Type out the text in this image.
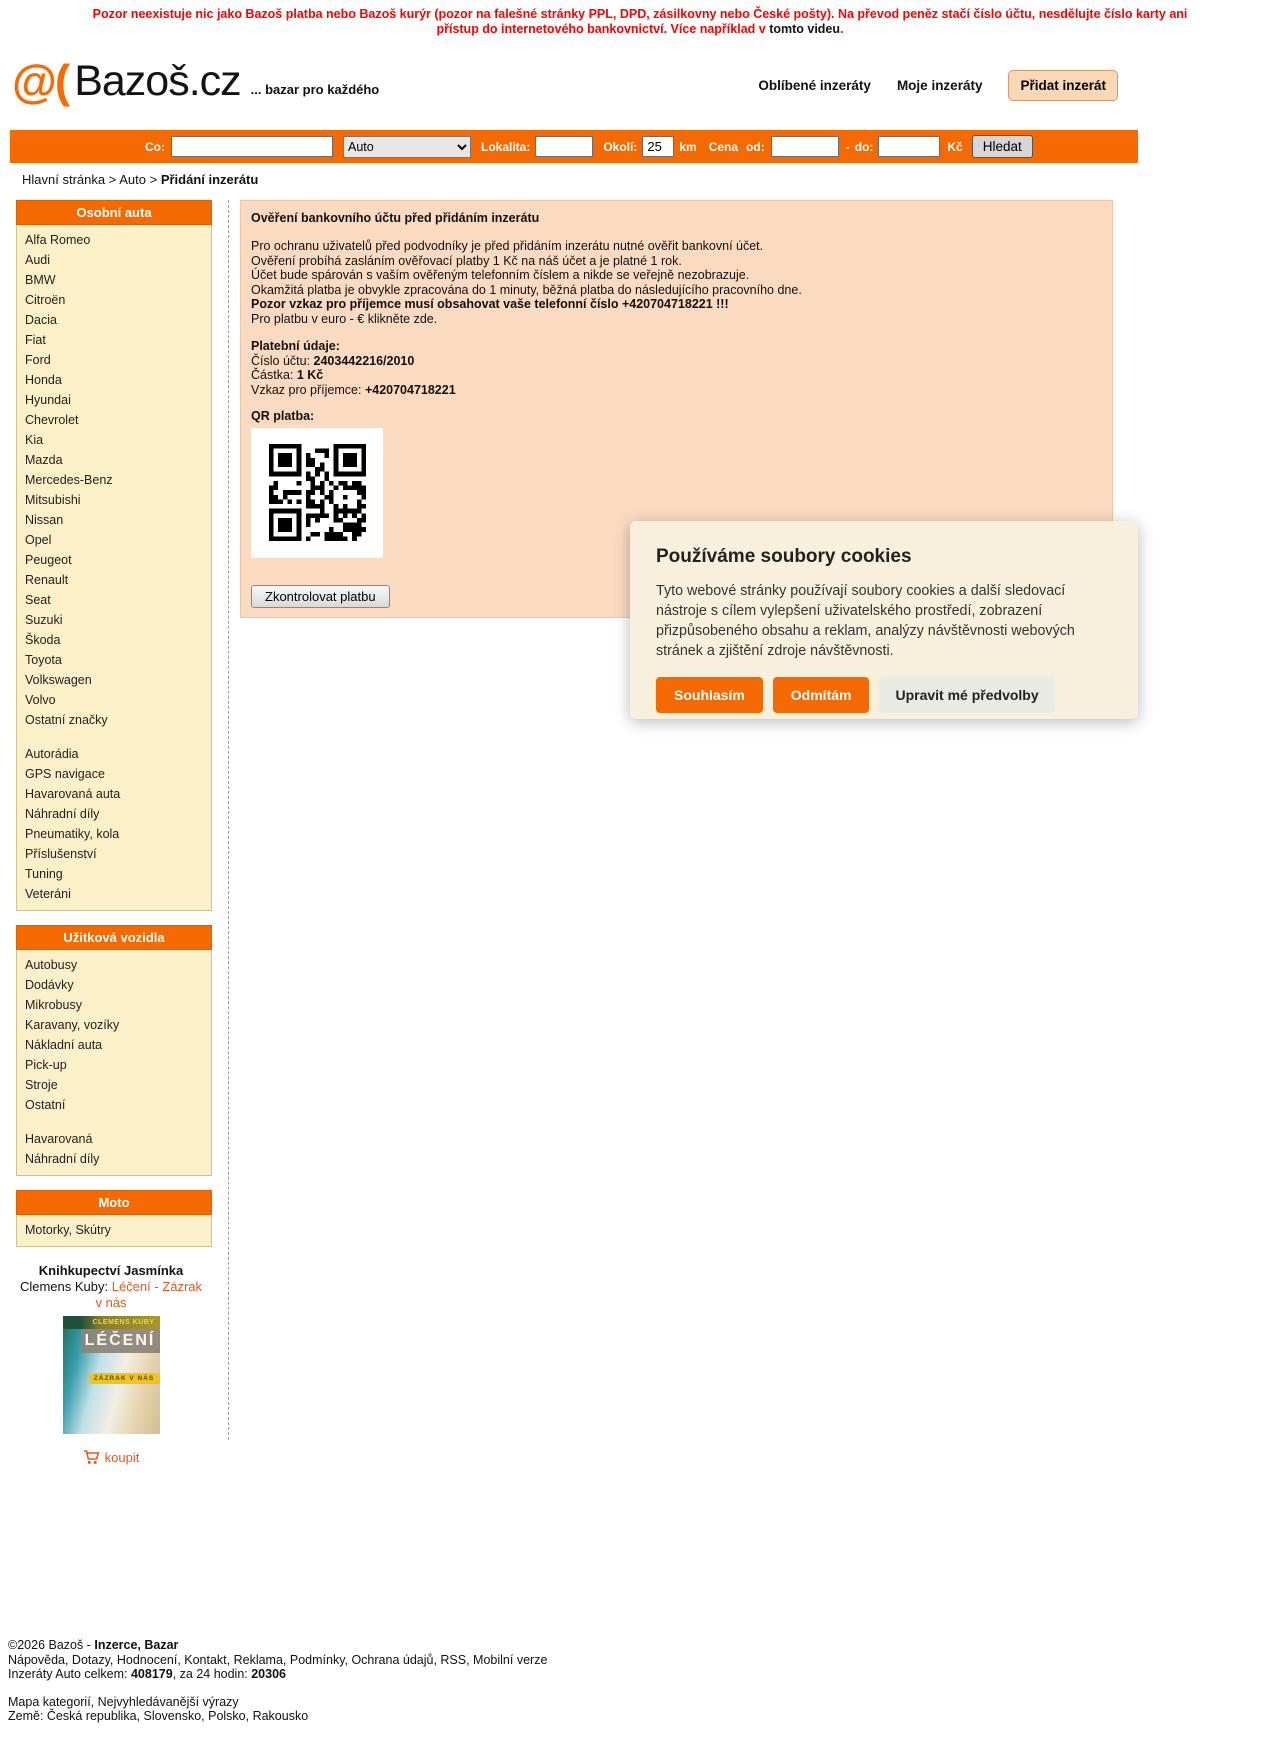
Pozor neexistuje nic jako Bazoš platba nebo Bazoš kurýr (pozor na falešné stránky PPL, DPD, zásilkovny nebo České pošty). Na převod peněz stačí číslo účtu, nesdělujte číslo karty ani přístup do internetového bankovnictví. Více například v tomto videu.
@( Bazoš.cz ... bazar pro každého	Oblíbené inzeráty Moje inzeráty	Přidat inzerát
Co:
Auto	Lokalita:	Okolí:
25	km Cena od:	- do:	Kč	Hledat
Hlavní stránka > Auto > Přidání inzerátu
Osobní auta
Alfa Romeo
Audi
BMW
Citroën
Dacia
Fiat
Ford
Honda
Hyundai
Chevrolet
Kia
Mazda
Mercedes-Benz
Mitsubishi
Nissan
Opel
Peugeot
Renault
Seat
Suzuki
Škoda
Toyota
Volkswagen
Volvo
Ostatní značky
Autorádia
GPS navigace
Havarovaná auta
Náhradní díly
Pneumatiky, kola
Příslušenství
Tuning
Veteráni
Užitková vozidla
Autobusy
Dodávky
Mikrobusy
Karavany, vozíky
Nákladní auta
Pick-up
Stroje
Ostatní
Havarovaná
Náhradní díly
Moto
Motorky, Skútry
Knihkupectví Jasmínka
Clemens Kuby: Léčení - Zázrak v nás
CLEMENS KUBY
LÉČENÍ
ZÁZRAK V NÁS
koupit
Ověření bankovního účtu před přidáním inzerátu
Pro ochranu uživatelů před podvodníky je před přidáním inzerátu nutné ověřit bankovní účet.
Ověření probíhá zasláním ověřovací platby 1 Kč na náš účet a je platné 1 rok.
Účet bude spárován s vaším ověřeným telefonním číslem a nikde se veřejně nezobrazuje.
Okamžitá platba je obvykle zpracována do 1 minuty, běžná platba do následujícího pracovního dne.
Pozor vzkaz pro příjemce musí obsahovat vaše telefonní číslo +420704718221 !!!
Pro platbu v euro - € klikněte zde.
Platební údaje:
Číslo účtu: 2403442216/2010
Částka: 1 Kč
Vzkaz pro příjemce: +420704718221
QR platba:
Zkontrolovat platbu
Používáme soubory cookies
Tyto webové stránky používají soubory cookies a další sledovací nástroje s cílem vylepšení uživatelského prostředí, zobrazení přizpůsobeného obsahu a reklam, analýzy návštěvnosti webových stránek a zjištění zdroje návštěvnosti.
Souhlasím	Odmítám	Upravit mé předvolby
©2026 Bazoš - Inzerce, Bazar
Nápověda, Dotazy, Hodnocení, Kontakt, Reklama, Podmínky, Ochrana údajů, RSS, Mobilní verze
Inzeráty Auto celkem: 408179, za 24 hodin: 20306
Mapa kategorií, Nejvyhledávanější výrazy
Země: Česká republika, Slovensko, Polsko, Rakousko
